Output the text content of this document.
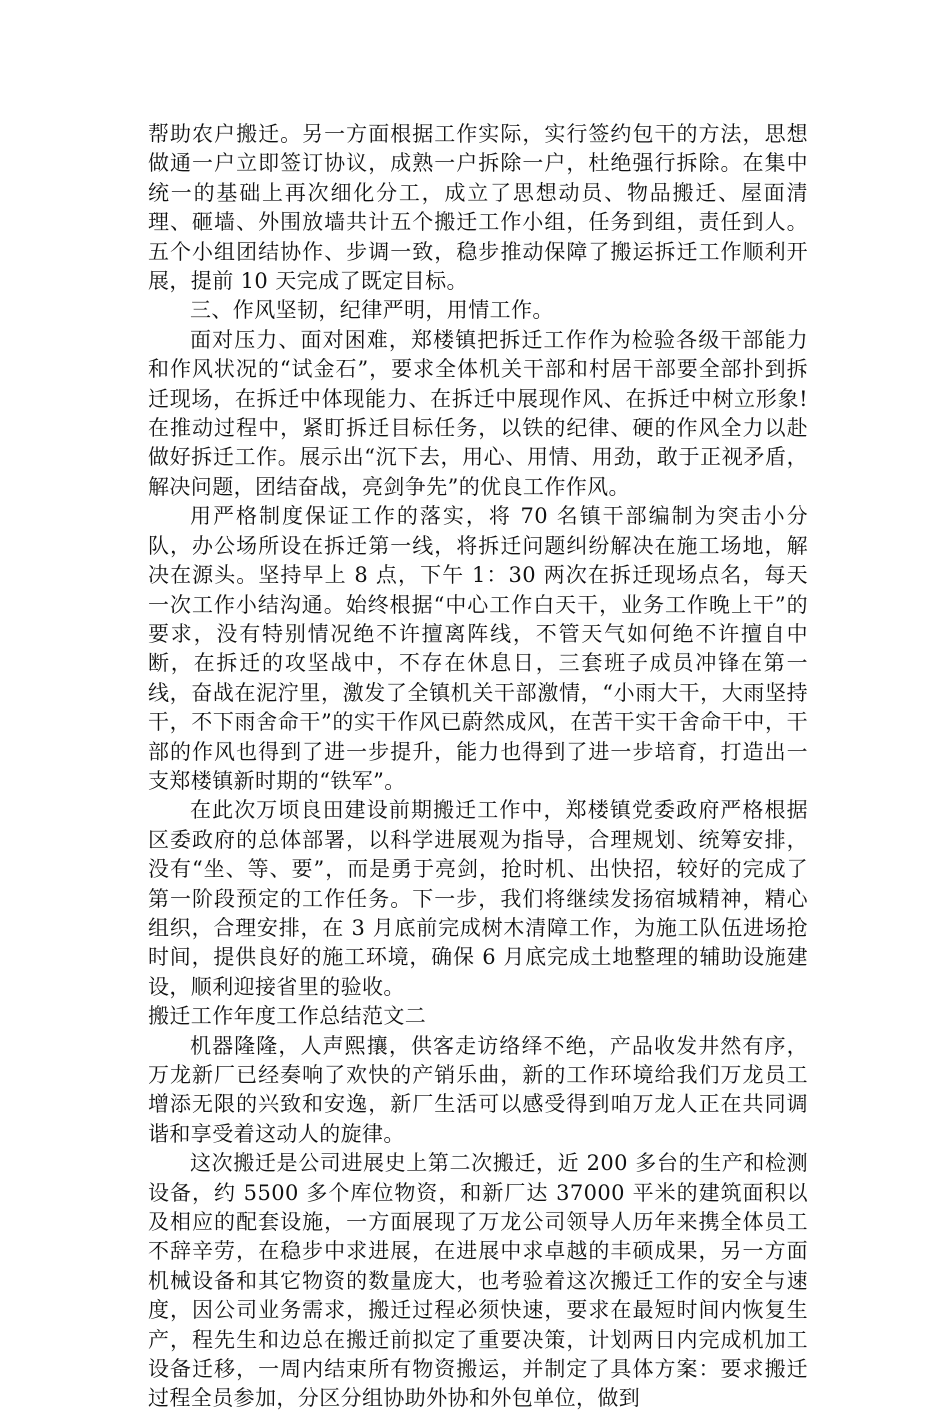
帮助农户搬迁。另一方面根据工作实际，实行签约包干的方法，思想做通一户立即签订协议，成熟一户拆除一户，杜绝强行拆除。在集中统一的基础上再次细化分工，成立了思想动员、物品搬迁、屋面清理、砸墙、外围放墙共计五个搬迁工作小组，任务到组，责任到人。五个小组团结协作、步调一致，稳步推动保障了搬运拆迁工作顺利开展，提前 10 天完成了既定目标。

三、作风坚韧，纪律严明，用情工作。

面对压力、面对困难，郑楼镇把拆迁工作作为检验各级干部能力和作风状况的“试金石”，要求全体机关干部和村居干部要全部扑到拆迁现场，在拆迁中体现能力、在拆迁中展现作风、在拆迁中树立形象!在推动过程中，紧盯拆迁目标任务，以铁的纪律、硬的作风全力以赴做好拆迁工作。展示出“沉下去，用心、用情、用劲，敢于正视矛盾，解决问题，团结奋战，亮剑争先”的优良工作作风。

用严格制度保证工作的落实，将 70 名镇干部编制为突击小分队，办公场所设在拆迁第一线，将拆迁问题纠纷解决在施工场地，解决在源头。坚持早上 8 点，下午 1：30 两次在拆迁现场点名，每天一次工作小结沟通。始终根据“中心工作白天干，业务工作晚上干”的要求，没有特别情况绝不许擅离阵线，不管天气如何绝不许擅自中断，在拆迁的攻坚战中，不存在休息日，三套班子成员冲锋在第一线，奋战在泥泞里，激发了全镇机关干部激情，“小雨大干，大雨坚持干，不下雨舍命干”的实干作风已蔚然成风，在苦干实干舍命干中，干部的作风也得到了进一步提升，能力也得到了进一步培育，打造出一支郑楼镇新时期的“铁军”。

在此次万顷良田建设前期搬迁工作中，郑楼镇党委政府严格根据区委政府的总体部署，以科学进展观为指导，合理规划、统筹安排，没有“坐、等、要”，而是勇于亮剑，抢时机、出快招，较好的完成了第一阶段预定的工作任务。下一步，我们将继续发扬宿城精神，精心组织，合理安排，在 3 月底前完成树木清障工作，为施工队伍进场抢时间，提供良好的施工环境，确保 6 月底完成土地整理的辅助设施建设，顺利迎接省里的验收。

搬迁工作年度工作总结范文二

机器隆隆，人声熙攘，供客走访络绎不绝，产品收发井然有序，万龙新厂已经奏响了欢快的产销乐曲，新的工作环境给我们万龙员工增添无限的兴致和安逸，新厂生活可以感受得到咱万龙人正在共同调谐和享受着这动人的旋律。

这次搬迁是公司进展史上第二次搬迁，近 200 多台的生产和检测设备，约 5500 多个库位物资，和新厂达 37000 平米的建筑面积以及相应的配套设施，一方面展现了万龙公司领导人历年来携全体员工不辞辛劳，在稳步中求进展，在进展中求卓越的丰硕成果，另一方面机械设备和其它物资的数量庞大，也考验着这次搬迁工作的安全与速度，因公司业务需求，搬迁过程必须快速，要求在最短时间内恢复生产，程先生和边总在搬迁前拟定了重要决策，计划两日内完成机加工设备迁移，一周内结束所有物资搬运，并制定了具体方案：要求搬迁过程全员参加，分区分组协助外协和外包单位，做到
